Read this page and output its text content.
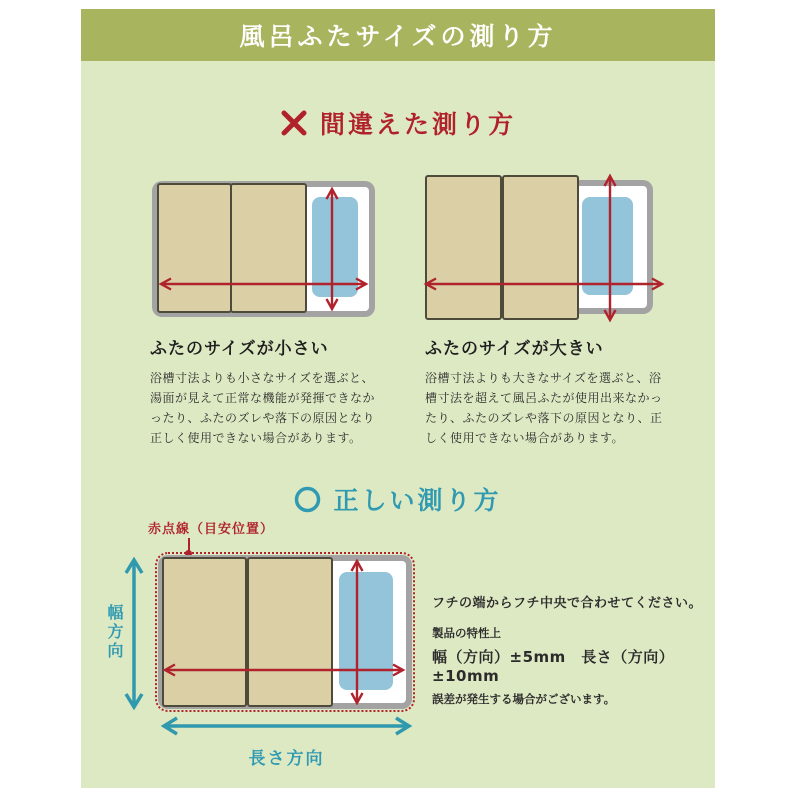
風呂ふたサイズの測り方
間違えた測り方
ふたのサイズが小さい

浴槽寸法よりも小さなサイズを選ぶと、湯面が見えて正常な機能が発揮できなかったり、ふたのズレや落下の原因となり正しく使用できない場合があります。

ふたのサイズが大きい

浴槽寸法よりも大きなサイズを選ぶと、浴槽寸法を超えて風呂ふたが使用出来なかったり、ふたのズレや落下の原因となり、正しく使用できない場合があります。

正しい測り方
赤点線（目安位置）
幅方向
長さ方向
フチの端からフチ中央で合わせてください。
製品の特性上
幅（方向）±5mm　長さ（方向）±10mm
誤差が発生する場合がございます。
